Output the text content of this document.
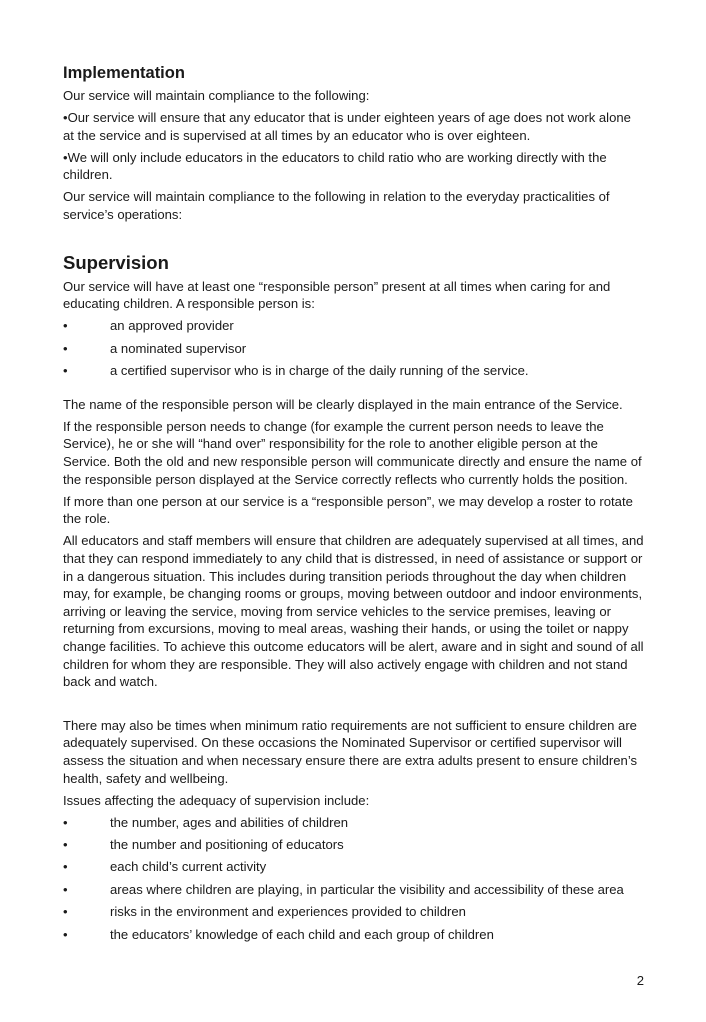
Implementation

Our service will maintain compliance to the following:

•Our service will ensure that any educator that is under eighteen years of age does not work alone at the service and is supervised at all times by an educator who is over eighteen.

•We will only include educators in the educators to child ratio who are working directly with the children.

Our service will maintain compliance to the following in relation to the everyday practicalities of service’s operations:

Supervision

Our service will have at least one “responsible person” present at all times when caring for and educating children. A responsible person is:

•	an approved provider
•	a nominated supervisor
•	a certified supervisor who is in charge of the daily running of the service.

The name of the responsible person will be clearly displayed in the main entrance of the Service.

If the responsible person needs to change (for example the current person needs to leave the Service), he or she will “hand over” responsibility for the role to another eligible person at the Service. Both the old and new responsible person will communicate directly and ensure the name of the responsible person displayed at the Service correctly reflects who currently holds the position.

If more than one person at our service is a “responsible person”, we may develop a roster to rotate the role.

All educators and staff members will ensure that children are adequately supervised at all times, and that they can respond immediately to any child that is distressed, in need of assistance or support or in a dangerous situation. This includes during transition periods throughout the day when children may, for example, be changing rooms or groups, moving between outdoor and indoor environments, arriving or leaving the service, moving from service vehicles to the service premises, leaving or returning from excursions, moving to meal areas, washing their hands, or using the toilet or nappy change facilities. To achieve this outcome educators will be alert, aware and in sight and sound of all children for whom they are responsible. They will also actively engage with children and not stand back and watch.

There may also be times when minimum ratio requirements are not sufficient to ensure children are adequately supervised. On these occasions the Nominated Supervisor or certified supervisor will assess the situation and when necessary ensure there are extra adults present to ensure children’s health, safety and wellbeing.

Issues affecting the adequacy of supervision include:

•	the number, ages and abilities of children
•	the number and positioning of educators
•	each child’s current activity
•	areas where children are playing, in particular the visibility and accessibility of these area
•	risks in the environment and experiences provided to children
•	the educators’ knowledge of each child and each group of children
2
